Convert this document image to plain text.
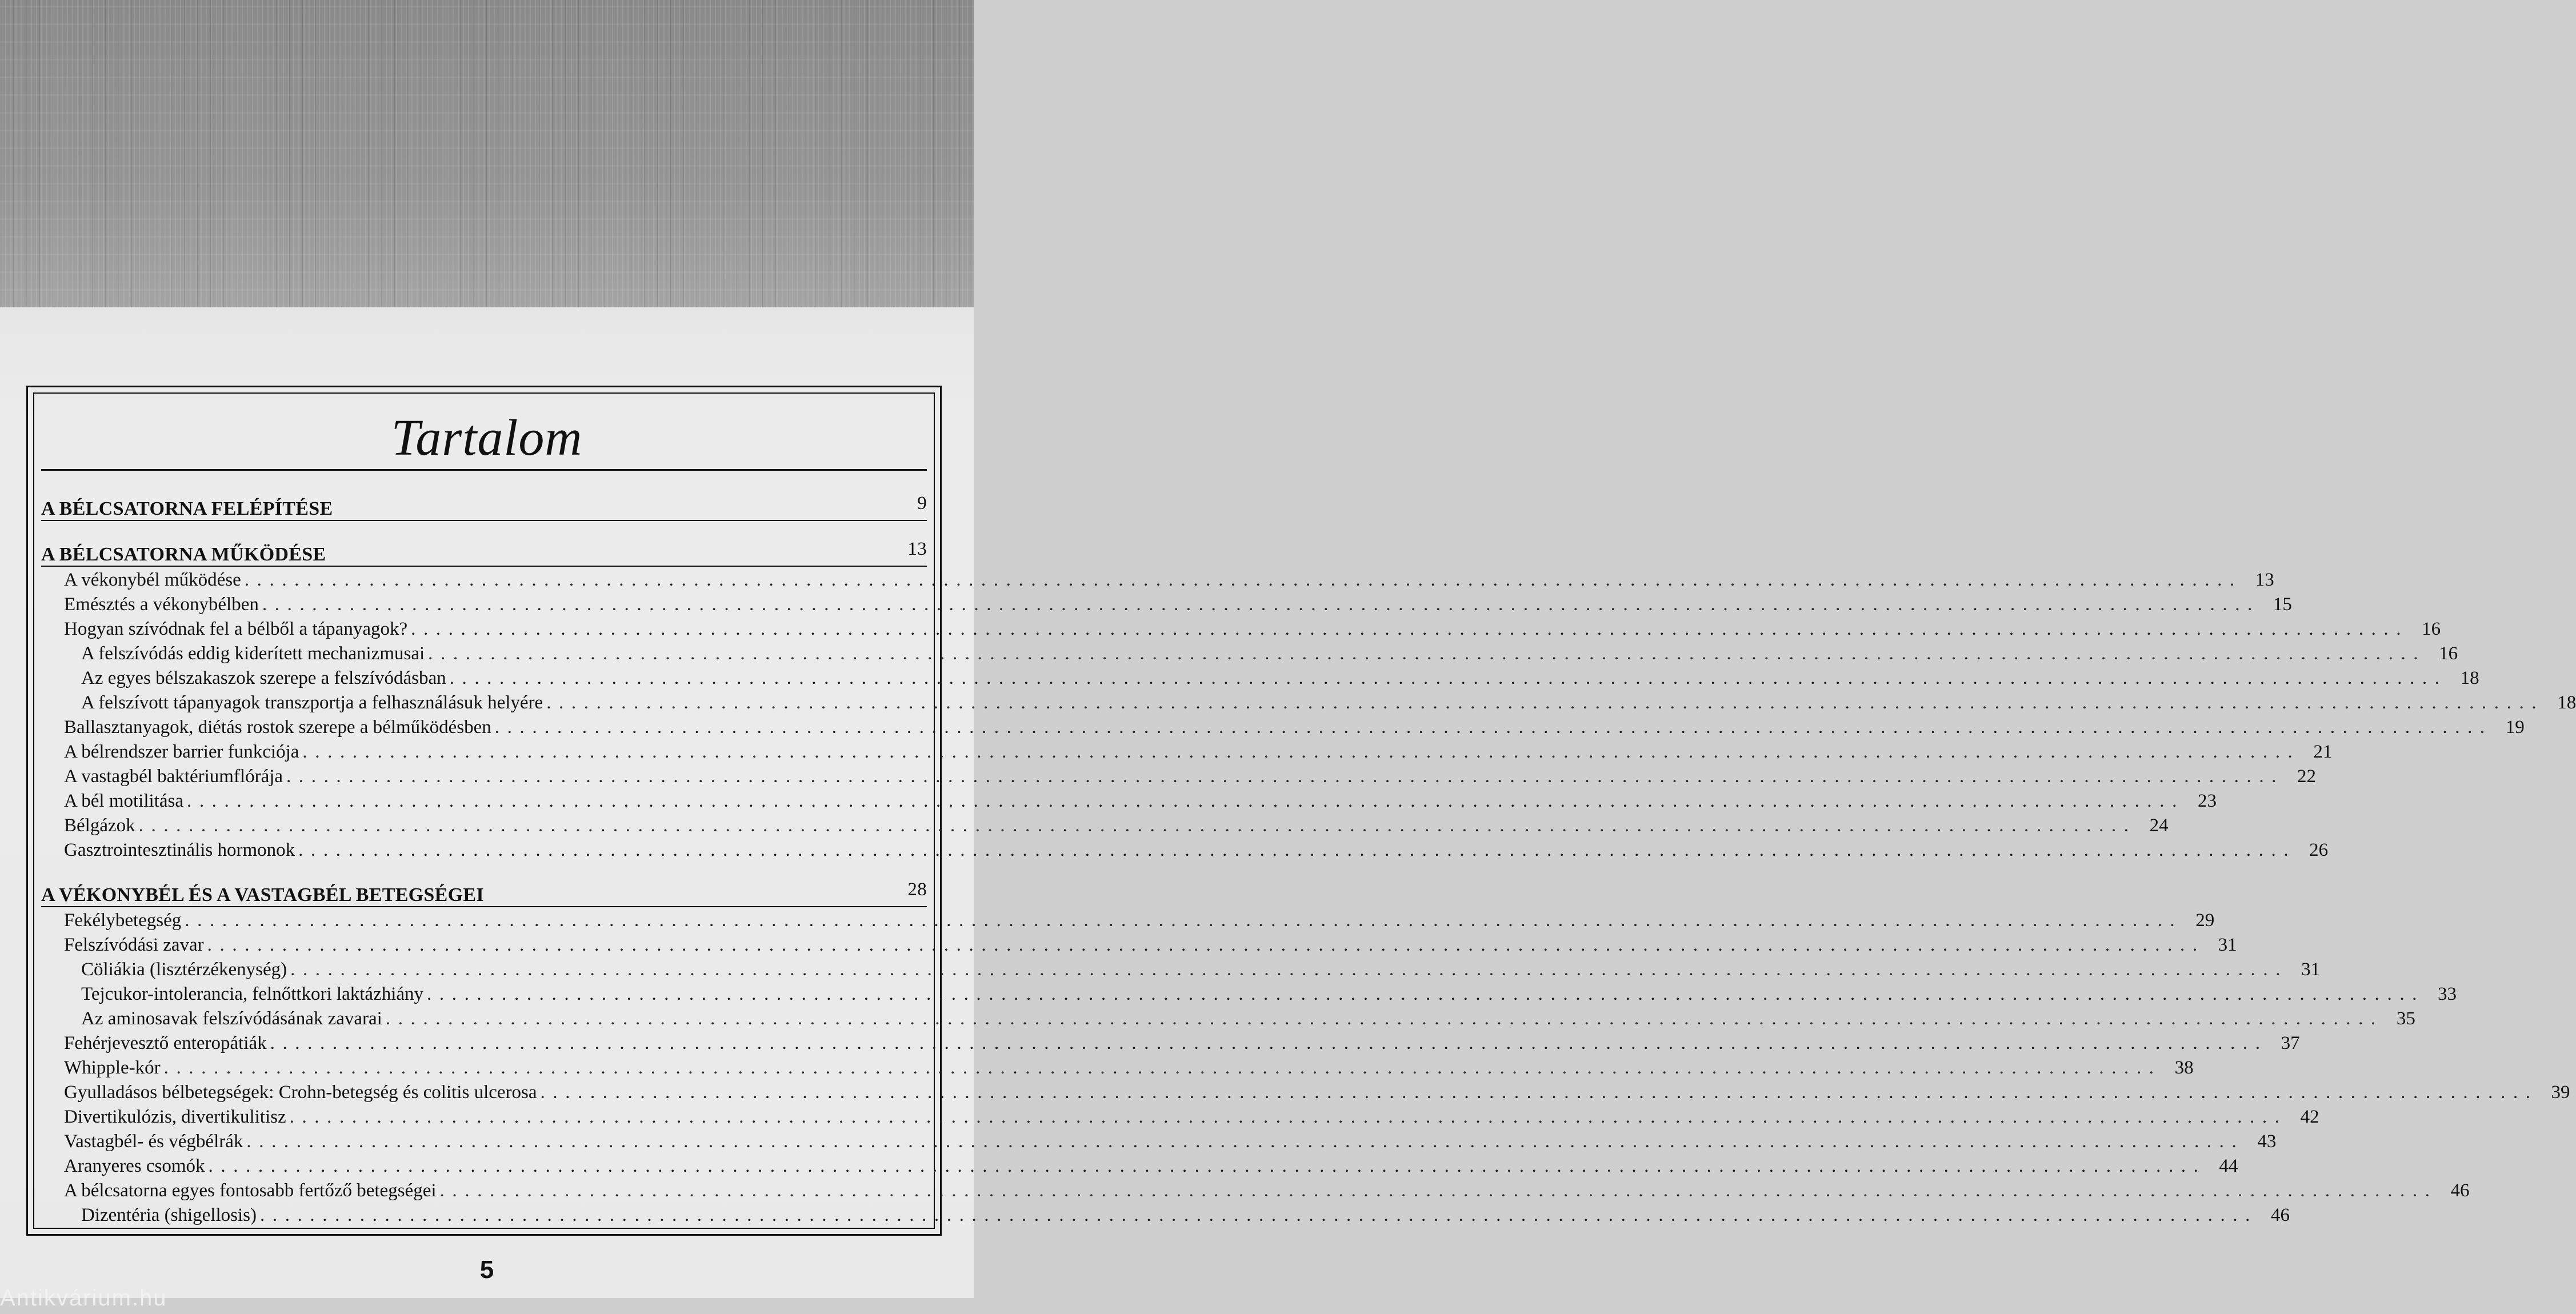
Tartalom
A BÉLCSATORNA FELÉPÍTÉSE	9
A BÉLCSATORNA MŰKÖDÉSE	13
A vékonybél működése ................................................................................................................................................................ 13
Emésztés a vékonybélben ................................................................................................................................................................ 15
Hogyan szívódnak fel a bélből a tápanyagok? ................................................................................................................................................................ 16
A felszívódás eddig kiderített mechanizmusai ................................................................................................................................................................ 16
Az egyes bélszakaszok szerepe a felszívódásban ................................................................................................................................................................ 18
A felszívott tápanyagok transzportja a felhasználásuk helyére ................................................................................................................................................................ 18
Ballasztanyagok, diétás rostok szerepe a bélműködésben ................................................................................................................................................................ 19
A bélrendszer barrier funkciója ................................................................................................................................................................ 21
A vastagbél baktériumflórája ................................................................................................................................................................ 22
A bél motilitása ................................................................................................................................................................ 23
Bélgázok ................................................................................................................................................................ 24
Gasztrointesztinális hormonok ................................................................................................................................................................ 26
A VÉKONYBÉL ÉS A VASTAGBÉL BETEGSÉGEI	28
Fekélybetegség ................................................................................................................................................................ 29
Felszívódási zavar ................................................................................................................................................................ 31
Cöliákia (lisztérzékenység) ................................................................................................................................................................ 31
Tejcukor-intolerancia, felnőttkori laktázhiány ................................................................................................................................................................ 33
Az aminosavak felszívódásának zavarai ................................................................................................................................................................ 35
Fehérjevesztő enteropátiák ................................................................................................................................................................ 37
Whipple-kór ................................................................................................................................................................ 38
Gyulladásos bélbetegségek: Crohn-betegség és colitis ulcerosa ................................................................................................................................................................ 39
Divertikulózis, divertikulitisz ................................................................................................................................................................ 42
Vastagbél- és végbélrák ................................................................................................................................................................ 43
Aranyeres csomók ................................................................................................................................................................ 44
A bélcsatorna egyes fontosabb fertőző betegségei ................................................................................................................................................................ 46
Dizentéria (shigellosis) ................................................................................................................................................................ 46
5
Antikvárium.hu
